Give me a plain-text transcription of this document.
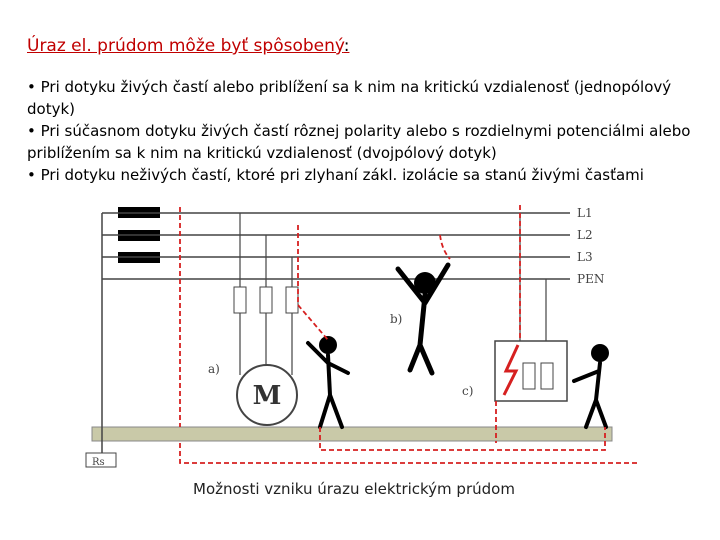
Úraz el. prúdom môže byť spôsobený:

• Pri dotyku živých častí alebo priblížení sa k nim na kritickú vzdialenosť (jednopólový dotyk)

• Pri súčasnom dotyku živých častí rôznej polarity alebo s rozdielnymi potenciálmi alebo priblížením sa k nim na kritickú vzdialenosť (dvojpólový dotyk)

• Pri dotyku neživých častí, ktoré pri zlyhaní zákl. izolácie sa stanú živými časťami

L1
L2
L3
PEN
M
Rs
a)
b)
c)
Možnosti vzniku úrazu elektrickým prúdom
